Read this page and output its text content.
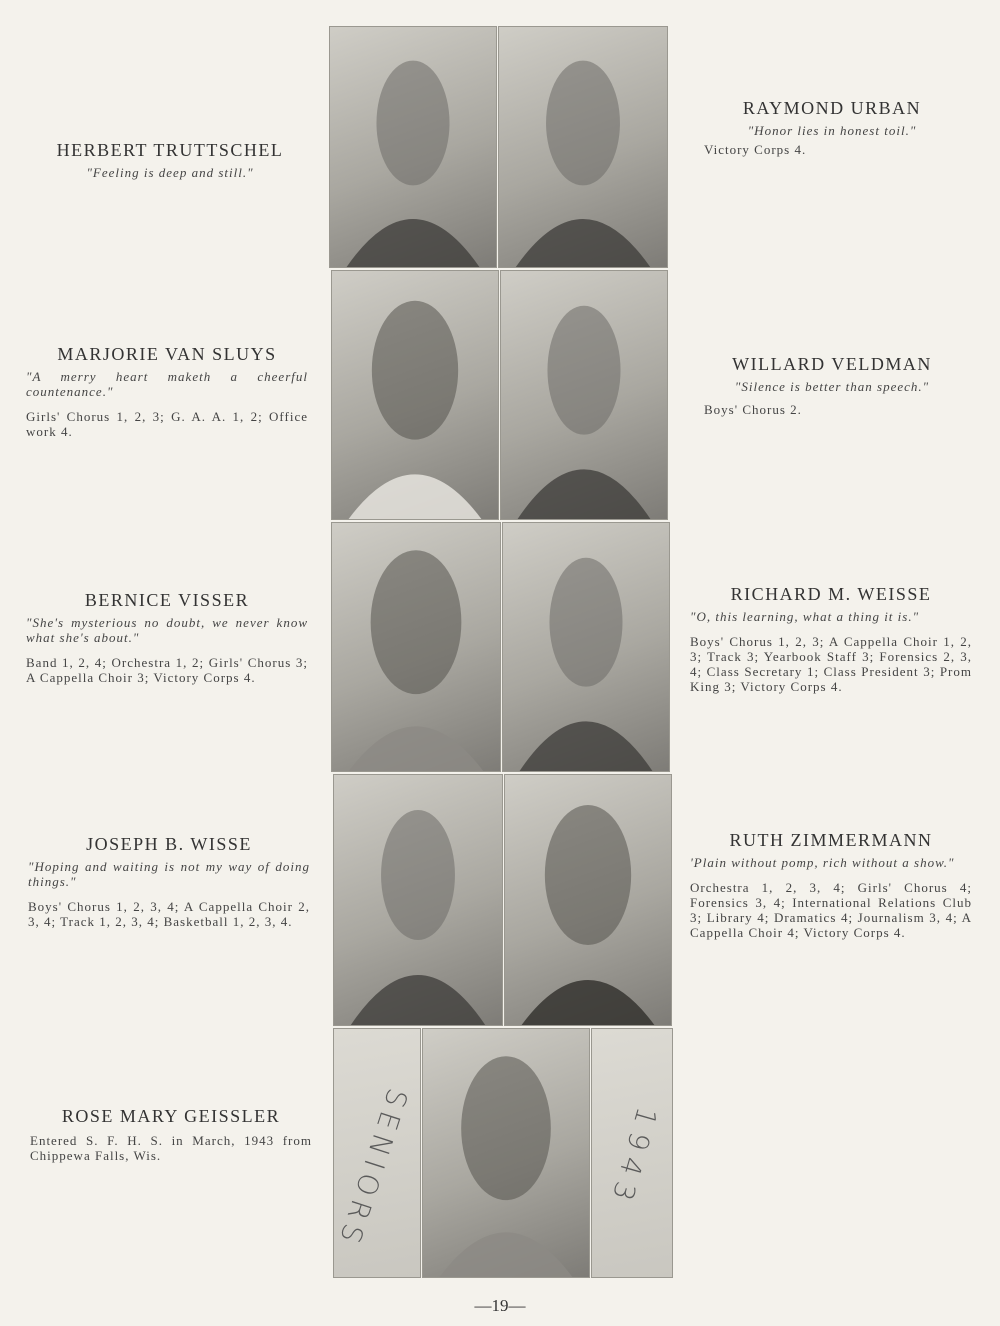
SENIORS	1943

HERBERT TRUTTSCHEL

"Feeling is deep and still."

MARJORIE VAN SLUYS

"A merry heart maketh a cheerful countenance."

Girls' Chorus 1, 2, 3; G. A. A. 1, 2; Office work 4.

BERNICE VISSER

"She's mysterious no doubt, we never know what she's about."

Band 1, 2, 4; Orchestra 1, 2; Girls' Chorus 3; A Cappella Choir 3; Victory Corps 4.

JOSEPH B. WISSE

"Hoping and waiting is not my way of doing things."

Boys' Chorus 1, 2, 3, 4; A Cappella Choir 2, 3, 4; Track 1, 2, 3, 4; Basketball 1, 2, 3, 4.

ROSE MARY GEISSLER

Entered S. F. H. S. in March, 1943 from Chippewa Falls, Wis.

RAYMOND URBAN

"Honor lies in honest toil."

Victory Corps 4.

WILLARD VELDMAN

"Silence is better than speech."

Boys' Chorus 2.

RICHARD M. WEISSE

"O, this learning, what a thing it is."

Boys' Chorus 1, 2, 3; A Cappella Choir 1, 2, 3; Track 3; Yearbook Staff 3; Forensics 2, 3, 4; Class Secretary 1; Class President 3; Prom King 3; Victory Corps 4.

RUTH ZIMMERMANN

'Plain without pomp, rich without a show."

Orchestra 1, 2, 3, 4; Girls' Chorus 4; Forensics 3, 4; International Relations Club 3; Library 4; Dramatics 4; Journalism 3, 4; A Cappella Choir 4; Victory Corps 4.

—19—
